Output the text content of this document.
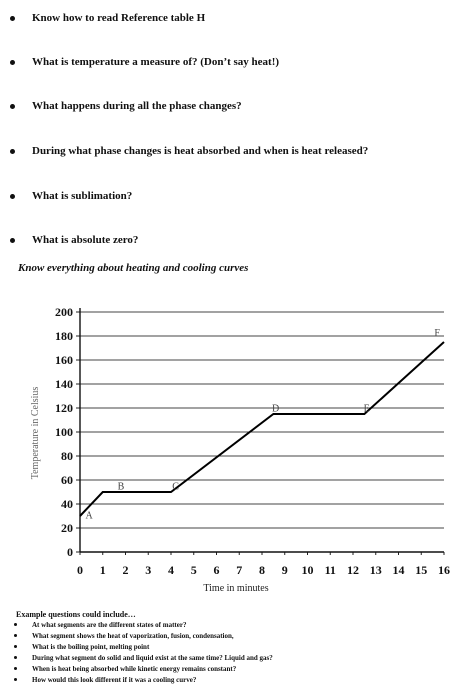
Know how to read Reference table H
What is temperature a measure of? (Don’t say heat!)
What happens during all the phase changes?
During what phase changes is heat absorbed and when is heat released?
What is sublimation?
What is absolute zero?
Know everything about heating and cooling curves
0
20
40
60
80
100
120
140
160
180
200
0 1 2 3 4 5 6 7 8 9 10 11 12 13 14 15 16
A
B	C
D	E
F
Temperature in Celsius
Time in minutes
Example questions could include…
At what segments are the different states of matter?
What segment shows the heat of vaporization, fusion, condensation,
What is the boiling point, melting point
During what segment do solid and liquid exist at the same time? Liquid and gas?
When is heat being absorbed while kinetic energy remains constant?
How would this look different if it was a cooling curve?
